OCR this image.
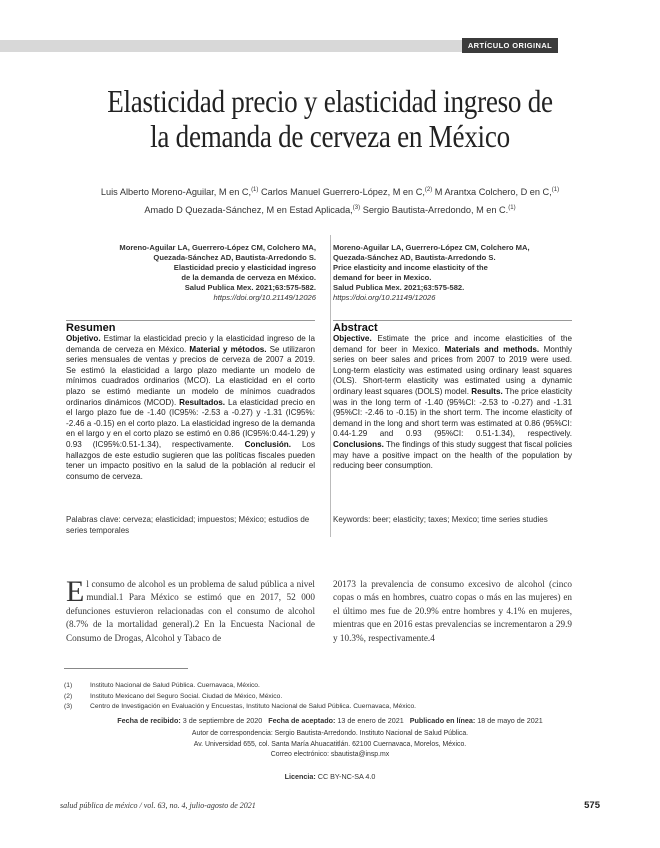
ARTÍCULO ORIGINAL
Elasticidad precio y elasticidad ingreso de la demanda de cerveza en México
Luis Alberto Moreno-Aguilar, M en C,$^{(1)}$ Carlos Manuel Guerrero-López, M en C,$^{(2)}$ M Arantxa Colchero, D en C,$^{(1)}$
Amado D Quezada-Sánchez, M en Estad Aplicada,$^{(3)}$ Sergio Bautista-Arredondo, M en C.$^{(1)}$
Moreno-Aguilar LA, Guerrero-López CM, Colchero MA,
Quezada-Sánchez AD, Bautista-Arredondo S.
Elasticidad precio y elasticidad ingreso
de la demanda de cerveza en México.
Salud Publica Mex. 2021;63:575-582.
https://doi.org/10.21149/12026
Moreno-Aguilar LA, Guerrero-López CM, Colchero MA,
Quezada-Sánchez AD, Bautista-Arredondo S.
Price elasticity and income elasticity of the
demand for beer in Mexico.
Salud Publica Mex. 2021;63:575-582.
https://doi.org/10.21149/12026
Resumen
Objetivo. Estimar la elasticidad precio y la elasticidad ingreso de la demanda de cerveza en México. Material y métodos. Se utilizaron series mensuales de ventas y precios de cerveza de 2007 a 2019. Se estimó la elasticidad a largo plazo mediante un modelo de mínimos cuadrados ordinarios (MCO). La elasticidad en el corto plazo se estimó mediante un modelo de mínimos cuadrados ordinarios dinámicos (MCOD). Resultados. La elasticidad precio en el largo plazo fue de -1.40 (IC95%: -2.53 a -0.27) y -1.31 (IC95%: -2.46 a -0.15) en el corto plazo. La elasticidad ingreso de la demanda en el largo y en el corto plazo se estimó en 0.86 (IC95%:0.44-1.29) y 0.93 (IC95%:0.51-1.34), respectivamente. Conclusión. Los hallazgos de este estudio sugieren que las políticas fiscales pueden tener un impacto positivo en la salud de la población al reducir el consumo de cerveza.
Palabras clave: cerveza; elasticidad; impuestos; México; estudios de series temporales
Abstract
Objective. Estimate the price and income elasticities of the demand for beer in Mexico. Materials and methods. Monthly series on beer sales and prices from 2007 to 2019 were used. Long-term elasticity was estimated using ordinary least squares (OLS). Short-term elasticity was estimated using a dynamic ordinary least squares (DOLS) model. Results. The price elasticity was in the long term of -1.40 (95%CI: -2.53 to -0.27) and -1.31 (95%CI: -2.46 to -0.15) in the short term. The income elasticity of demand in the long and short term was estimated at 0.86 (95%CI: 0.44-1.29 and 0.93 (95%CI: 0.51-1.34), respectively. Conclusions. The findings of this study suggest that fiscal policies may have a positive impact on the health of the population by reducing beer consumption.
Keywords: beer; elasticity; taxes; Mexico; time series studies
El consumo de alcohol es un problema de salud pública a nivel mundial.1 Para México se estimó que en 2017, 52 000 defunciones estuvieron relacionadas con el consumo de alcohol (8.7% de la mortalidad general).2 En la Encuesta Nacional de Consumo de Drogas, Alcohol y Tabaco de
20173 la prevalencia de consumo excesivo de alcohol (cinco copas o más en hombres, cuatro copas o más en las mujeres) en el último mes fue de 20.9% entre hombres y 4.1% en mujeres, mientras que en 2016 estas prevalencias se incrementaron a 29.9 y 10.3%, respectivamente.4
(1)	Instituto Nacional de Salud Pública. Cuernavaca, México.
(2)	Instituto Mexicano del Seguro Social. Ciudad de México, México.
(3)	Centro de Investigación en Evaluación y Encuestas, Instituto Nacional de Salud Pública. Cuernavaca, México.
Fecha de recibido: 3 de septiembre de 2020 Fecha de aceptado: 13 de enero de 2021 Publicado en línea: 18 de mayo de 2021
Autor de correspondencia: Sergio Bautista-Arredondo. Instituto Nacional de Salud Pública.
Av. Universidad 655, col. Santa María Ahuacatitlán. 62100 Cuernavaca, Morelos, México.
Correo electrónico: sbautista@insp.mx
Licencia: CC BY-NC-SA 4.0
salud pública de méxico / vol. 63, no. 4, julio-agosto de 2021	575
